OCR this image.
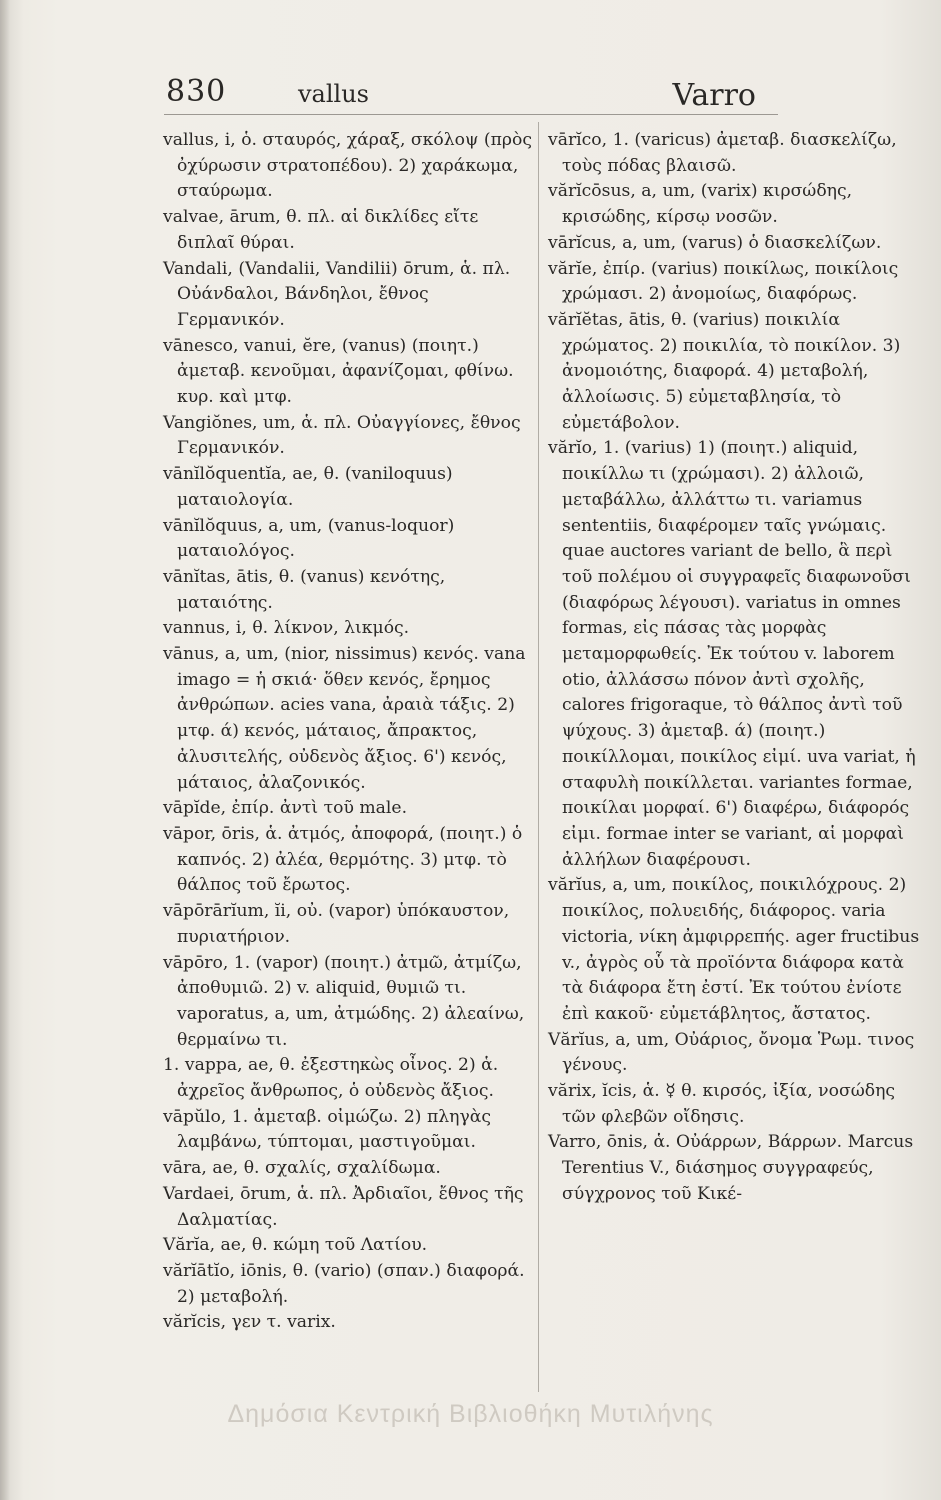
830	vallus	Varro

vallus, i, ὁ. σταυρός, χάραξ, σκόλοψ (πρὸς ὀχύρωσιν στρατοπέδου). 2) χαράκωμα, σταύρωμα.

valvae, ārum, θ. πλ. αἱ δικλίδες εἴτε διπλαῖ θύραι.

Vandali, (Vandalii, Vandilii) ōrum, ἁ. πλ. Οὐάνδαλοι, Βάνδηλοι, ἔθνος Γερμανικόν.

vānesco, vanui, ĕre, (vanus) (ποιητ.) ἀμεταβ. κενοῦμαι, ἀφανίζομαι, φθίνω. κυρ. καὶ μτφ.

Vangiŏnes, um, ἁ. πλ. Οὐαγγίονες, ἔθνος Γερμανικόν.

vānĭlŏquentĭa, ae, θ. (vaniloquus) ματαιολογία.

vānĭlŏquus, a, um, (vanus-loquor) ματαιολόγος.

vānĭtas, ātis, θ. (vanus) κενότης, ματαιότης.

vannus, i, θ. λίκνον, λικμός.

vānus, a, um, (nior, nissimus) κενός. vana imago = ἡ σκιά· ὅθεν κενός, ἔρημος ἀνθρώπων. acies vana, ἀραιὰ τάξις. 2) μτφ. ά) κενός, μάταιος, ἄπρακτος, ἀλυσιτελής, οὐδενὸς ἄξιος. 6') κενός, μάταιος, ἀλαζονικός.

vāpĭde, ἐπίρ. ἀντὶ τοῦ male.

vāpor, ōris, ἁ. ἀτμός, ἀποφορά, (ποιητ.) ὁ καπνός. 2) ἀλέα, θερμότης. 3) μτφ. τὸ θάλπος τοῦ ἔρωτος.

vāpōrārĭum, ĭi, οὐ. (vapor) ὑπόκαυστον, πυριατήριον.

vāpōro, 1. (vapor) (ποιητ.) ἀτμῶ, ἀτμίζω, ἀποθυμιῶ. 2) v. aliquid, θυμιῶ τι. vaporatus, a, um, ἀτμώδης. 2) ἀλεαίνω, θερμαίνω τι.

1. vappa, ae, θ. ἐξεστηκὼς οἶνος. 2) ἁ. ἀχρεῖος ἄνθρωπος, ὁ οὐδενὸς ἄξιος.

vāpŭlo, 1. ἀμεταβ. οἰμώζω. 2) πληγὰς λαμβάνω, τύπτομαι, μαστιγοῦμαι.

vāra, ae, θ. σχαλίς, σχαλίδωμα.

Vardaei, ōrum, ἁ. πλ. Ἀρδιαῖοι, ἔθνος τῆς Δαλματίας.

Vărĭa, ae, θ. κώμη τοῦ Λατίου.

vărĭātĭo, iōnis, θ. (vario) (σπαν.) διαφορά. 2) μεταβολή.

vărĭcis, γεν τ. varix.

vārĭco, 1. (varicus) ἀμεταβ. διασκελίζω, τοὺς πόδας βλαισῶ.

vărĭcōsus, a, um, (varix) κιρσώδης, κρισώδης, κίρσῳ νοσῶν.

vārĭcus, a, um, (varus) ὁ διασκελίζων.

vărĭe, ἐπίρ. (varius) ποικίλως, ποικίλοις χρώμασι. 2) ἀνομοίως, διαφόρως.

vărĭĕtas, ātis, θ. (varius) ποικιλία χρώματος. 2) ποικιλία, τὸ ποικίλον. 3) ἀνομοιότης, διαφορά. 4) μεταβολή, ἀλλοίωσις. 5) εὐμεταβλησία, τὸ εὐμετάβολον.

vărĭo, 1. (varius) 1) (ποιητ.) aliquid, ποικίλλω τι (χρώμασι). 2) ἀλλοιῶ, μεταβάλλω, ἀλλάττω τι. variamus sententiis, διαφέρομεν ταῖς γνώμαις. quae auctores variant de bello, ἃ περὶ τοῦ πολέμου οἱ συγγραφεῖς διαφωνοῦσι (διαφόρως λέγουσι). variatus in omnes formas, εἰς πάσας τὰς μορφὰς μεταμορφωθείς. Ἐκ τούτου v. laborem otio, ἀλλάσσω πόνον ἀντὶ σχολῆς, calores frigoraque, τὸ θάλπος ἀντὶ τοῦ ψύχους. 3) ἀμεταβ. ά) (ποιητ.) ποικίλλομαι, ποικίλος εἰμί. uva variat, ἡ σταφυλὴ ποικίλλεται. variantes formae, ποικίλαι μορφαί. 6') διαφέρω, διάφορός εἰμι. formae inter se variant, αἱ μορφαὶ ἀλλήλων διαφέρουσι.

vărĭus, a, um, ποικίλος, ποικιλόχρους. 2) ποικίλος, πολυειδής, διάφορος. varia victoria, νίκη ἀμφιρρεπής. ager fructibus v., ἀγρὸς οὗ τὰ προϊόντα διάφορα κατὰ τὰ διάφορα ἔτη ἐστί. Ἐκ τούτου ἐνίοτε ἐπὶ κακοῦ· εὐμετάβλητος, ἄστατος.

Vărĭus, a, um, Οὐάριος, ὄνομα Ῥωμ. τινος γένους.

vărix, ĭcis, ἁ. ☿ θ. κιρσός, ἰξία, νοσώδης τῶν φλεβῶν οἴδησις.

Varro, ōnis, ἁ. Οὐάρρων, Βάρρων. Marcus Terentius V., διάσημος συγγραφεύς, σύγχρονος τοῦ Κικέ-

Δημόσια Κεντρική Βιβλιοθήκη Μυτιλήνης
